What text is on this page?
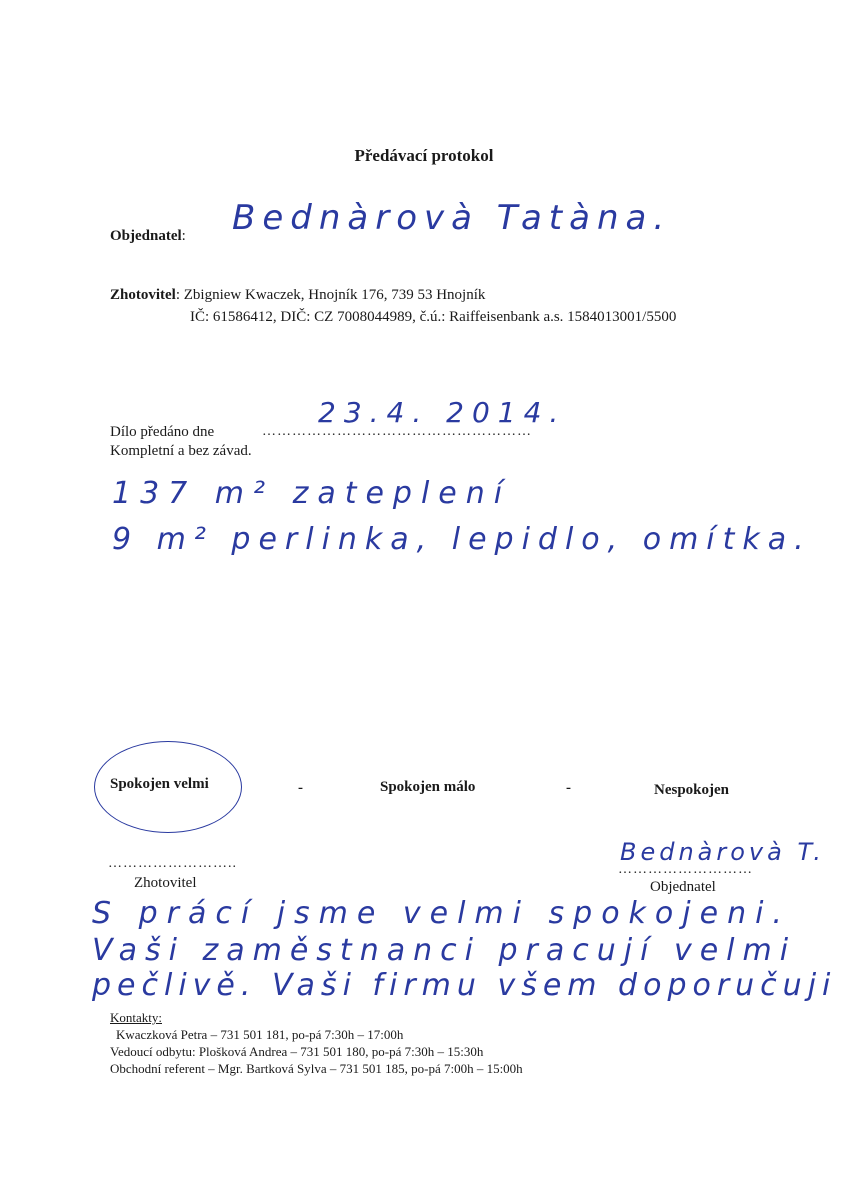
Předávací protokol
Objednatel: Bednàrovà Tatàna.
Zhotovitel: Zbigniew Kwaczek, Hnojník 176, 739 53 Hnojník
IČ: 61586412, DIČ: CZ 7008044989, č.ú.: Raiffeisenbank a.s. 1584013001/5500
Dílo předáno dne	………………………………………………
23.4. 2014.
Kompletní a bez závad.
137 m² zateplení
9 m² perlinka, lepidlo, omítka.
Spokojen velmi	-	Spokojen málo	-	Nespokojen
……………………..
Zhotovitel
Bednàrovà T.
………………………
Objednatel
S prácí jsme velmi spokojeni.
Vaši zaměstnanci pracují velmi
pečlivě. Vaši firmu všem doporučuji
Kontakty:
Kwaczková Petra – 731 501 181, po-pá 7:30h – 17:00h
Vedoucí odbytu: Plošková Andrea – 731 501 180, po-pá 7:30h – 15:30h
Obchodní referent – Mgr. Bartková Sylva – 731 501 185, po-pá 7:00h – 15:00h
